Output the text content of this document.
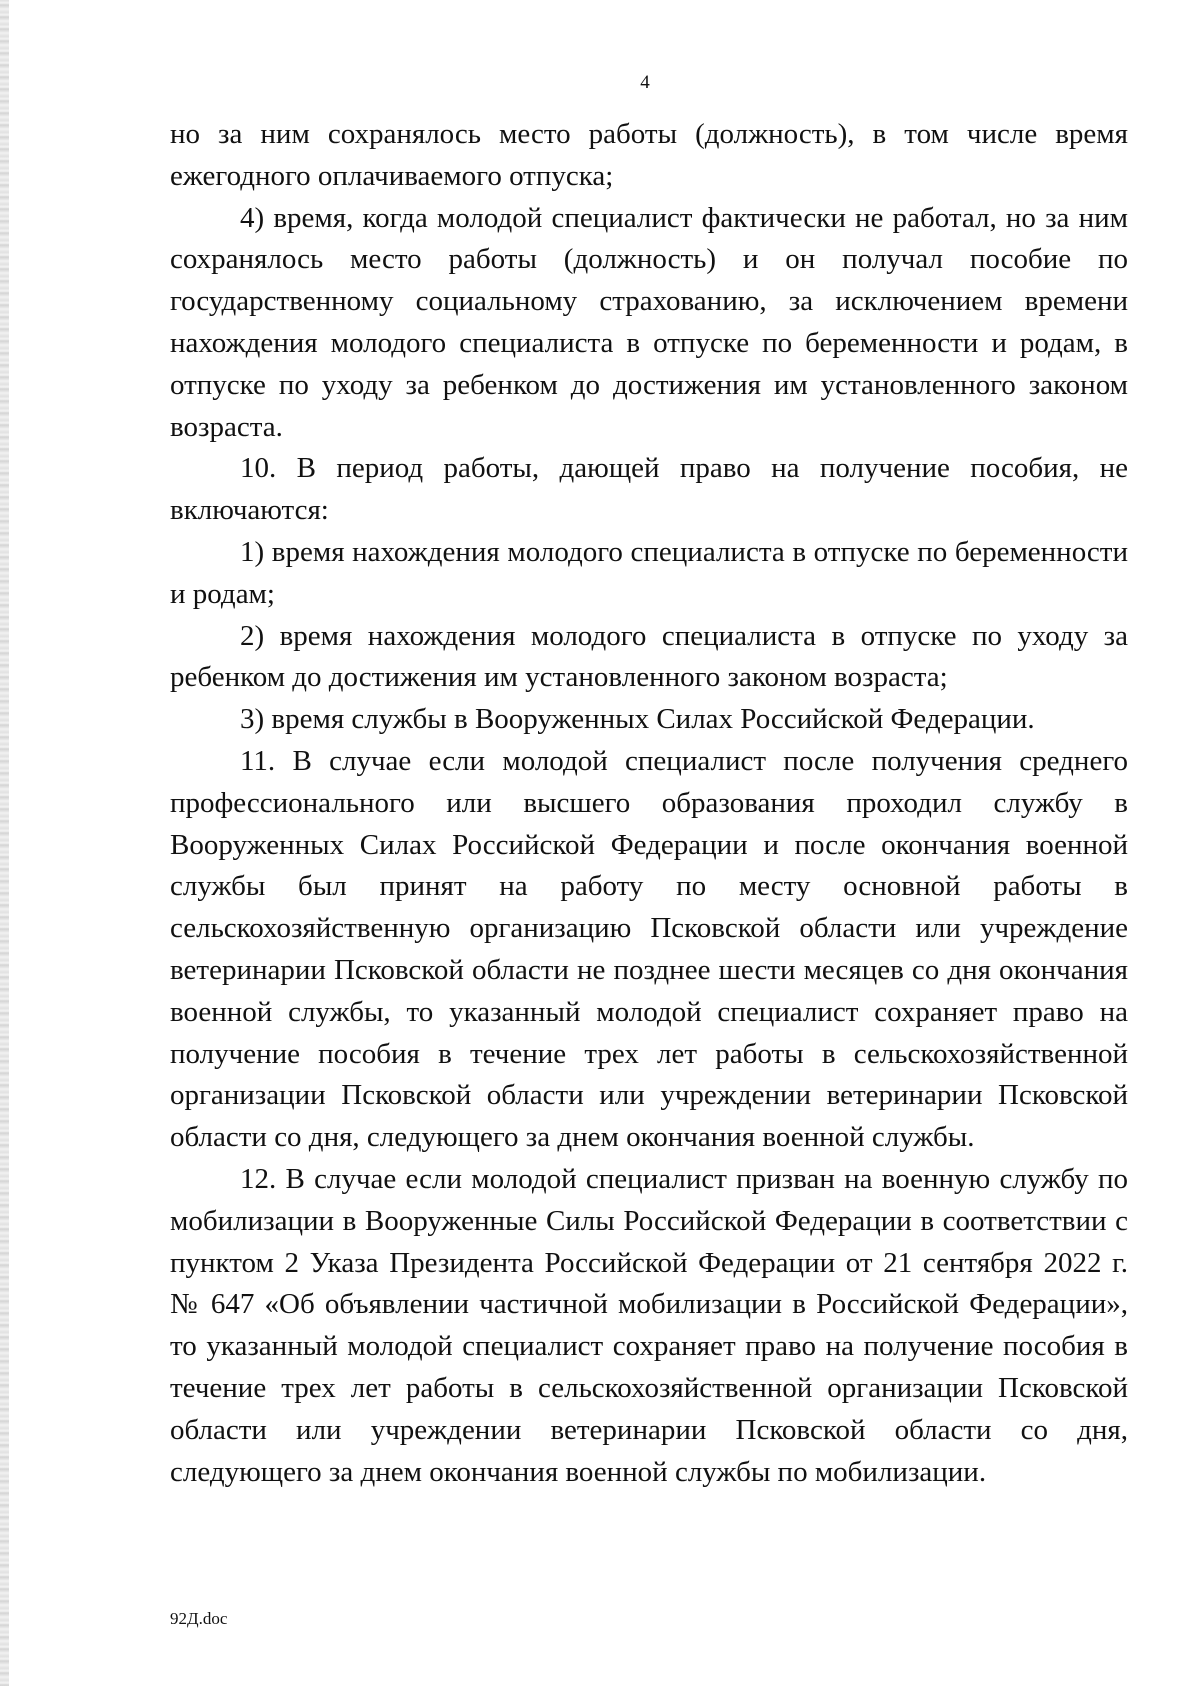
4

но за ним сохранялось место работы (должность), в том числе время ежегодного оплачиваемого отпуска;

4) время, когда молодой специалист фактически не работал, но за ним сохранялось место работы (должность) и он получал пособие по государственному социальному страхованию, за исключением времени нахождения молодого специалиста в отпуске по беременности и родам, в отпуске по уходу за ребенком до достижения им установленного законом возраста.

10. В период работы, дающей право на получение пособия, не включаются:

1) время нахождения молодого специалиста в отпуске по беременности и родам;

2) время нахождения молодого специалиста в отпуске по уходу за ребенком до достижения им установленного законом возраста;

3) время службы в Вооруженных Силах Российской Федерации.

11. В случае если молодой специалист после получения среднего профессионального или высшего образования проходил службу в Вооруженных Силах Российской Федерации и после окончания военной службы был принят на работу по месту основной работы в сельскохозяйственную организацию Псковской области или учреждение ветеринарии Псковской области не позднее шести месяцев со дня окончания военной службы, то указанный молодой специалист сохраняет право на получение пособия в течение трех лет работы в сельскохозяйственной организации Псковской области или учреждении ветеринарии Псковской области со дня, следующего за днем окончания военной службы.

12. В случае если молодой специалист призван на военную службу по мобилизации в Вооруженные Силы Российской Федерации в соответствии с пунктом 2 Указа Президента Российской Федерации от 21 сентября 2022 г. № 647 «Об объявлении частичной мобилизации в Российской Федерации», то указанный молодой специалист сохраняет право на получение пособия в течение трех лет работы в сельскохозяйственной организации Псковской области или учреждении ветеринарии Псковской области со дня, следующего за днем окончания военной службы по мобилизации.

92Д.doc
